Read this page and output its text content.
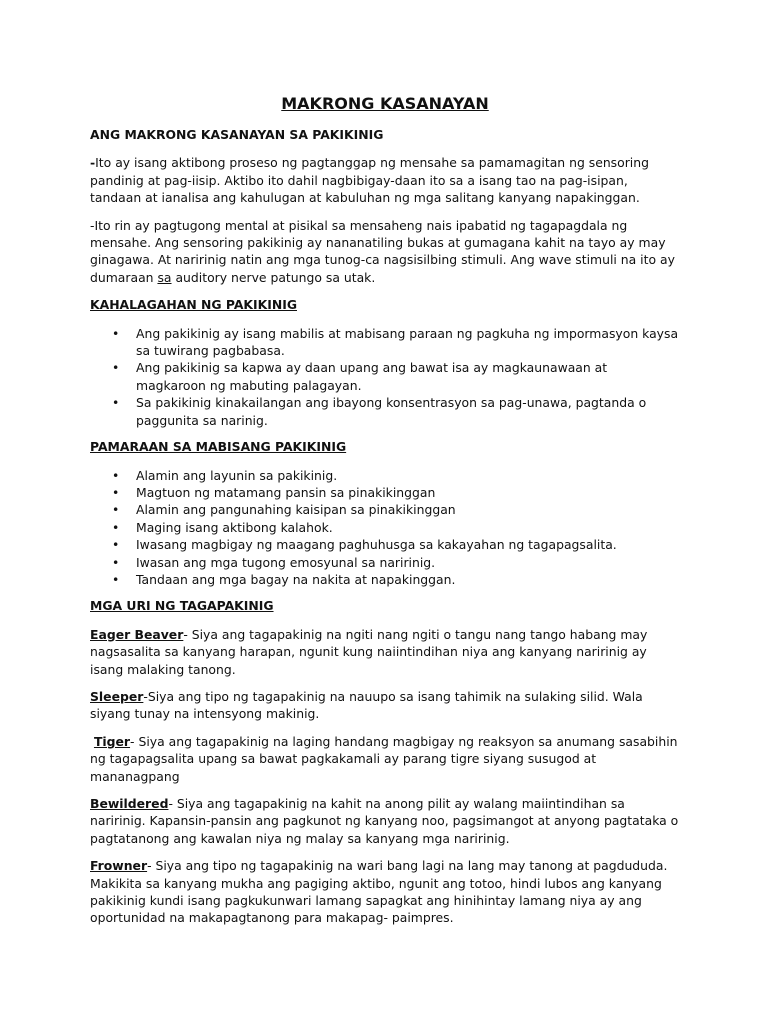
MAKRONG KASANAYAN
ANG MAKRONG KASANAYAN SA PAKIKINIG

-Ito ay isang aktibong proseso ng pagtanggap ng mensahe sa pamamagitan ng sensoring pandinig at pag-iisip. Aktibo ito dahil nagbibigay-daan ito sa a isang tao na pag-isipan, tandaan at ianalisa ang kahulugan at kabuluhan ng mga salitang kanyang napakinggan.

-Ito rin ay pagtugong mental at pisikal sa mensaheng nais ipabatid ng tagapagdala ng mensahe. Ang sensoring pakikinig ay nananatiling bukas at gumagana kahit na tayo ay may ginagawa. At naririnig natin ang mga tunog-ca nagsisilbing stimuli. Ang wave stimuli na ito ay dumaraan sa auditory nerve patungo sa utak.

KAHALAGAHAN NG PAKIKINIG
• Ang pakikinig ay isang mabilis at mabisang paraan ng pagkuha ng impormasyon kaysa sa tuwirang pagbabasa.
• Ang pakikinig sa kapwa ay daan upang ang bawat isa ay magkaunawaan at magkaroon ng mabuting palagayan.
• Sa pakikinig kinakailangan ang ibayong konsentrasyon sa pag-unawa, pagtanda o paggunita sa narinig.
PAMARAAN SA MABISANG PAKIKINIG
• Alamin ang layunin sa pakikinig.
• Magtuon ng matamang pansin sa pinakikinggan
• Alamin ang pangunahing kaisipan sa pinakikinggan
• Maging isang aktibong kalahok.
• Iwasang magbigay ng maagang paghuhusga sa kakayahan ng tagapagsalita.
• Iwasan ang mga tugong emosyunal sa naririnig.
• Tandaan ang mga bagay na nakita at napakinggan.
MGA URI NG TAGAPAKINIG

Eager Beaver- Siya ang tagapakinig na ngiti nang ngiti o tangu nang tango habang may nagsasalita sa kanyang harapan, ngunit kung naiintindihan niya ang kanyang naririnig ay isang malaking tanong.

Sleeper-Siya ang tipo ng tagapakinig na nauupo sa isang tahimik na sulaking silid. Wala siyang tunay na intensyong makinig.

Tiger- Siya ang tagapakinig na laging handang magbigay ng reaksyon sa anumang sasabihin ng tagapagsalita upang sa bawat pagkakamali ay parang tigre siyang susugod at mananagpang

Bewildered- Siya ang tagapakinig na kahit na anong pilit ay walang maiintindihan sa naririnig. Kapansin-pansin ang pagkunot ng kanyang noo, pagsimangot at anyong pagtataka o pagtatanong ang kawalan niya ng malay sa kanyang mga naririnig.

Frowner- Siya ang tipo ng tagapakinig na wari bang lagi na lang may tanong at pagdududa. Makikita sa kanyang mukha ang pagiging aktibo, ngunit ang totoo, hindi lubos ang kanyang pakikinig kundi isang pagkukunwari lamang sapagkat ang hinihintay lamang niya ay ang oportunidad na makapagtanong para makapag- paimpres.
